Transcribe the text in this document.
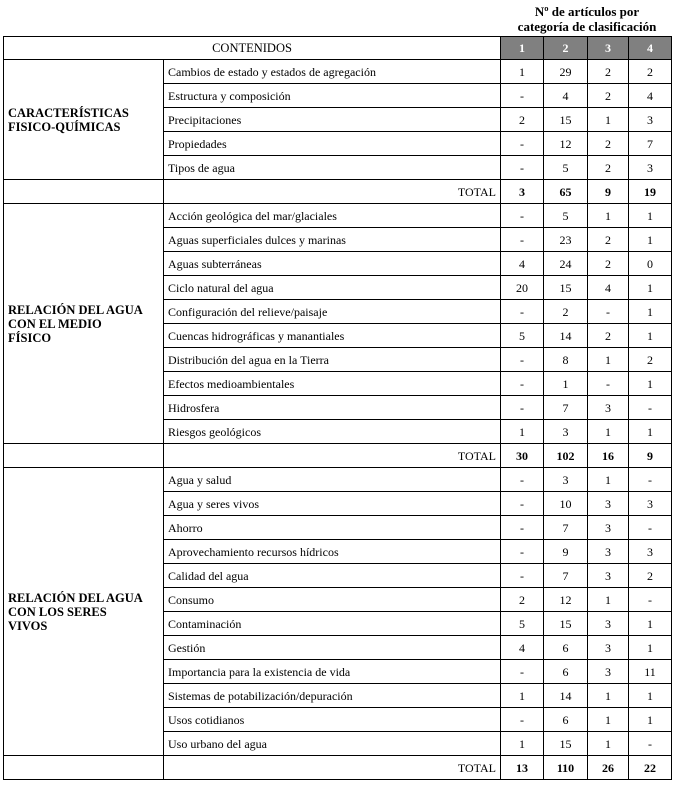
Nº de artículos por
categoría de clasificación
CONTENIDOS		1	2	3	4

CARACTERÍSTICAS
FISICO-QUÍMICAS	Cambios de estado y estados de agregación	1	29	2	2
	Estructura y composición	-	4	2	4
	Precipitaciones	2	15	1	3
	Propiedades	-	12	2	7
	Tipos de agua	-	5	2	3
	TOTAL	3	65	9	19

RELACIÓN DEL AGUA
CON EL MEDIO
FÍSICO	Acción geológica del mar/glaciales	-	5	1	1
	Aguas superficiales dulces y marinas	-	23	2	1
	Aguas subterráneas	4	24	2	0
	Ciclo natural del agua	20	15	4	1
	Configuración del relieve/paisaje	-	2	-	1
	Cuencas hidrográficas y manantiales	5	14	2	1
	Distribución del agua en la Tierra	-	8	1	2
	Efectos medioambientales	-	1	-	1
	Hidrosfera	-	7	3	-
	Riesgos geológicos	1	3	1	1
	TOTAL	30	102	16	9

RELACIÓN DEL AGUA
CON LOS SERES
VIVOS	Agua y salud	-	3	1	-
	Agua y seres vivos	-	10	3	3
	Ahorro	-	7	3	-
	Aprovechamiento recursos hídricos	-	9	3	3
	Calidad del agua	-	7	3	2
	Consumo	2	12	1	-
	Contaminación	5	15	3	1
	Gestión	4	6	3	1
	Importancia para la existencia de vida	-	6	3	11
	Sistemas de potabilización/depuración	1	14	1	1
	Usos cotidianos	-	6	1	1
	Uso urbano del agua	1	15	1	-
	TOTAL	13	110	26	22
